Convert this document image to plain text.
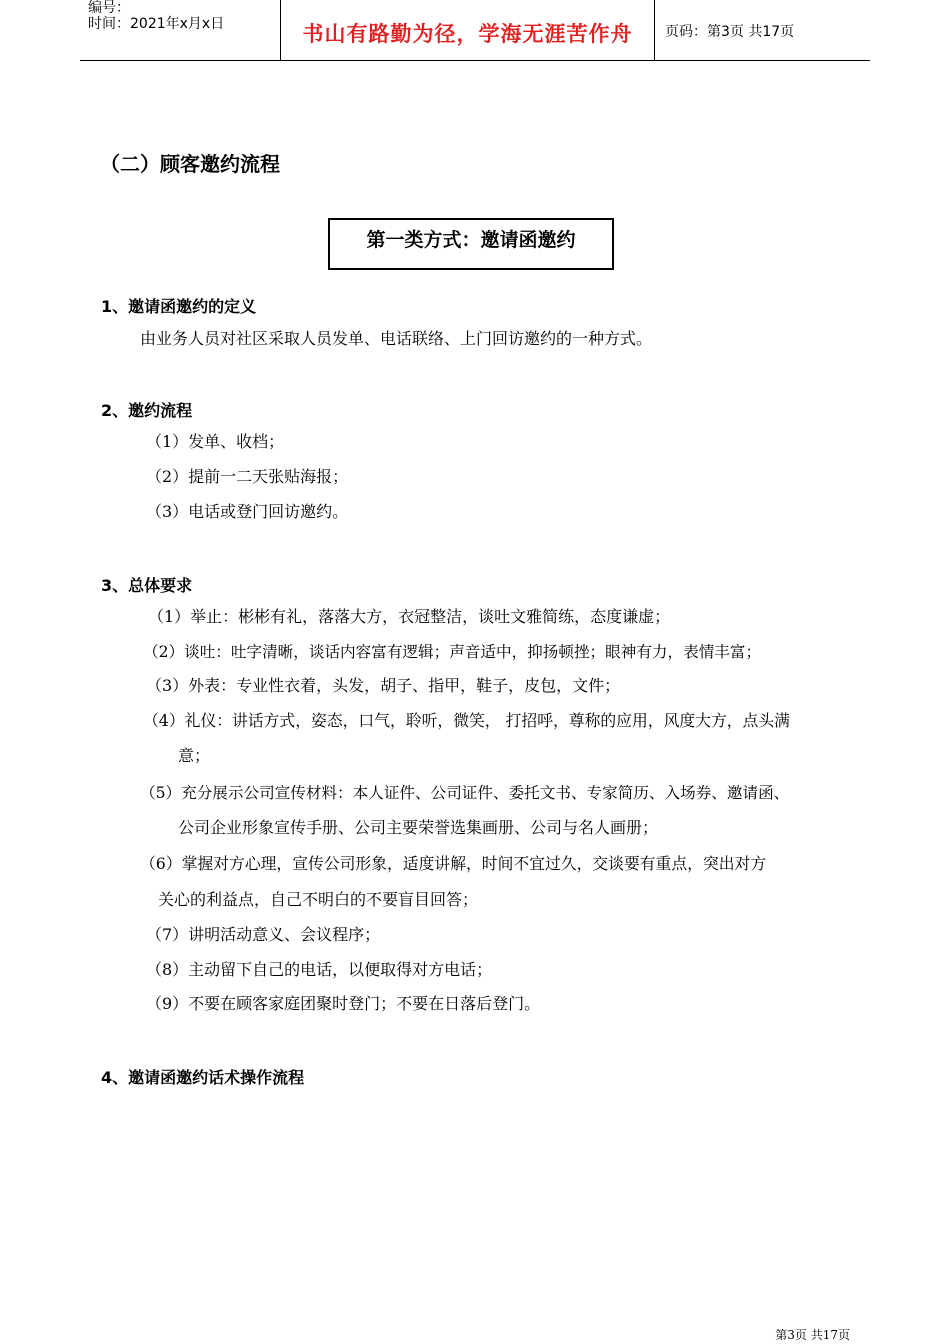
编号：
时间：2021年x月x日	书山有路勤为径，学海无涯苦作舟	页码：第3页 共17页
（二）顾客邀约流程
第一类方式：邀请函邀约
1、邀请函邀约的定义
由业务人员对社区采取人员发单、电话联络、上门回访邀约的一种方式。
2、邀约流程
（1）发单、收档；
（2）提前一二天张贴海报；
（3）电话或登门回访邀约。
3、总体要求
（1）举止：彬彬有礼，落落大方，衣冠整洁，谈吐文雅简练，态度谦虚；
（2）谈吐：吐字清晰，谈话内容富有逻辑；声音适中，抑扬顿挫；眼神有力，表情丰富；
（3）外表：专业性衣着，头发，胡子、指甲，鞋子，皮包，文件；
（4）礼仪：讲话方式，姿态，口气，聆听，微笑， 打招呼，尊称的应用，风度大方，点头满
意；
（5）充分展示公司宣传材料：本人证件、公司证件、委托文书、专家简历、入场券、邀请函、
公司企业形象宣传手册、公司主要荣誉选集画册、公司与名人画册；
（6）掌握对方心理，宣传公司形象，适度讲解，时间不宜过久，交谈要有重点，突出对方
关心的利益点，自己不明白的不要盲目回答；
（7）讲明活动意义、会议程序；
（8）主动留下自己的电话，以便取得对方电话；
（9）不要在顾客家庭团聚时登门；不要在日落后登门。
4、邀请函邀约话术操作流程
第3页 共17页
